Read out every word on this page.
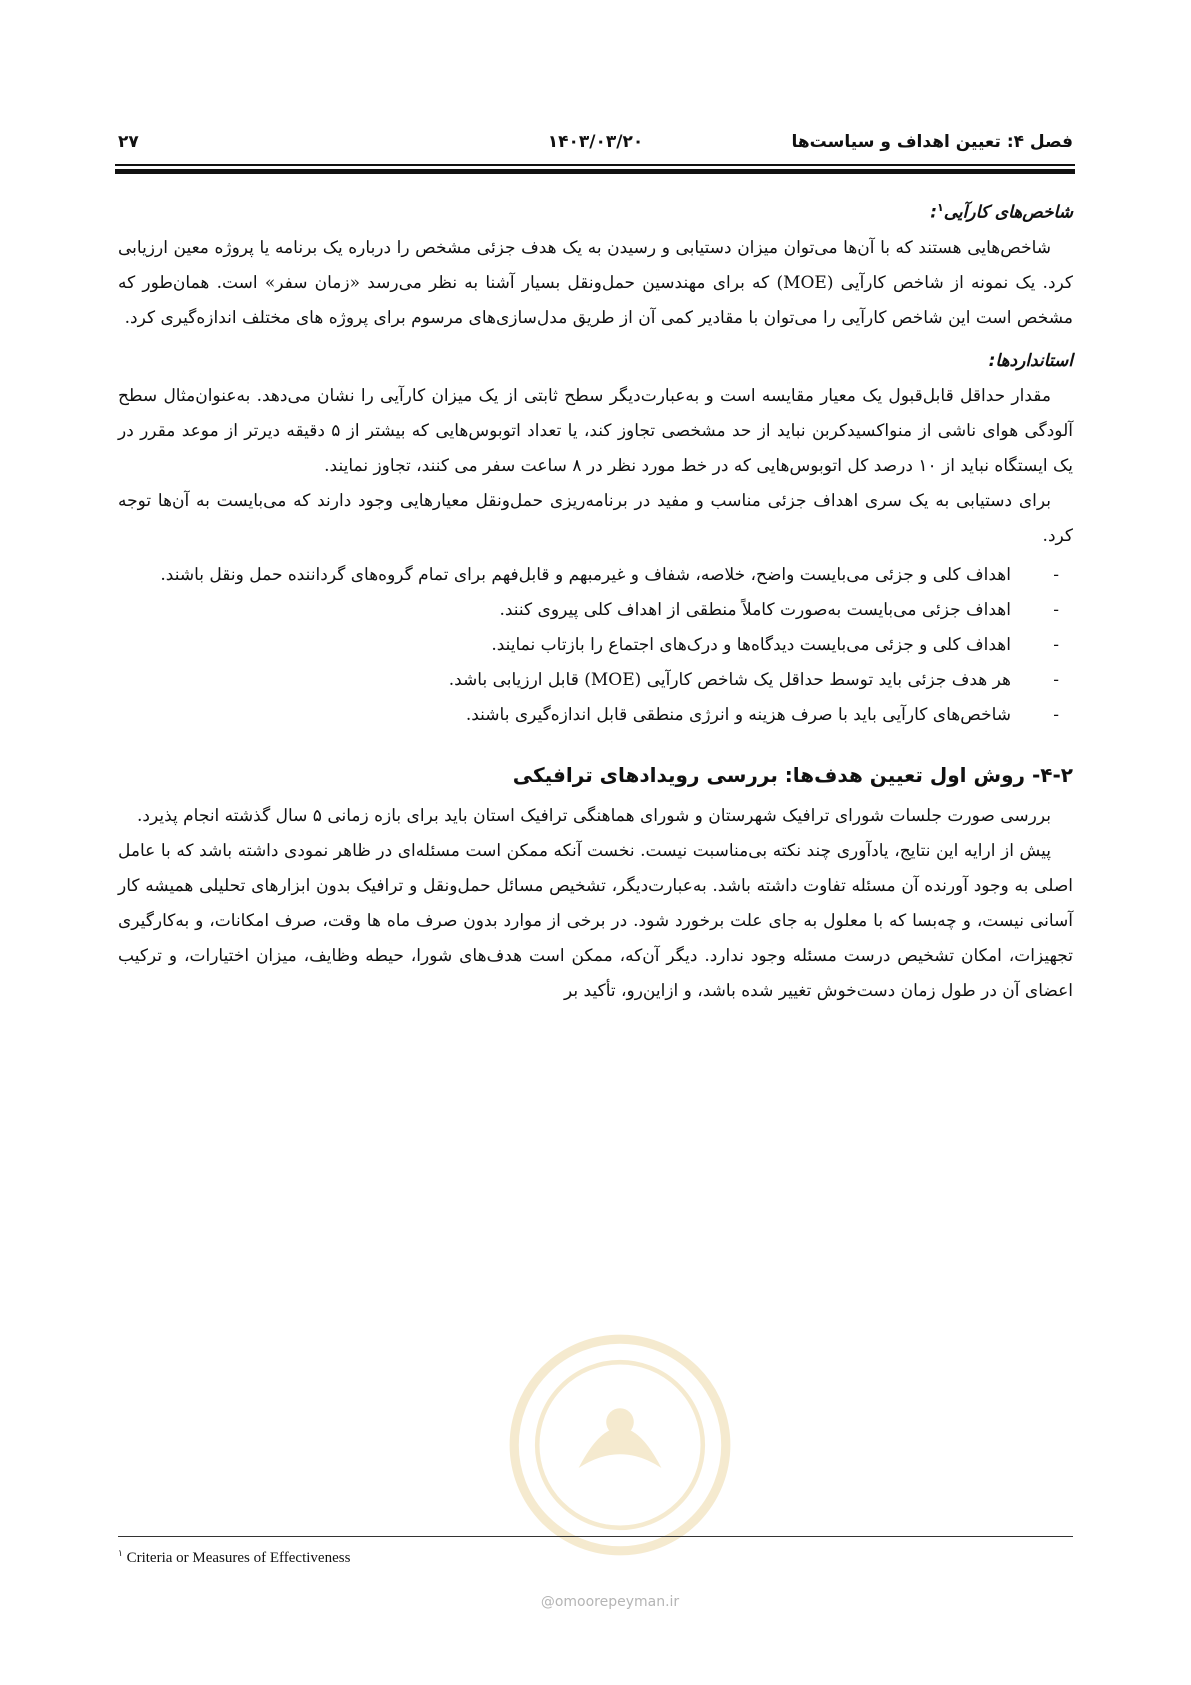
فصل ۴: تعیین اهداف و سیاست‌ها
۱۴۰۳/۰۳/۲۰
۲۷
شاخص‌های کارآیی$^۱$:

شاخص‌هایی هستند که با آن‌ها می‌توان میزان دستیابی و رسیدن به یک هدف جزئی مشخص را درباره یک برنامه یا پروژه معین ارزیابی کرد. یک نمونه از شاخص کارآیی (MOE) که برای مهندسین حمل‌ونقل بسیار آشنا به نظر می‌رسد «زمان سفر» است. همان‌طور که مشخص است این شاخص کارآیی را می‌توان با مقادیر کمی آن از طریق مدل‌سازی‌های مرسوم برای پروژه های مختلف اندازه‌گیری کرد.

استانداردها:

مقدار حداقل قابل‌قبول یک معیار مقایسه است و به‌عبارت‌دیگر سطح ثابتی از یک میزان کارآیی را نشان می‌دهد. به‌عنوان‌مثال سطح آلودگی هوای ناشی از منواکسیدکربن نباید از حد مشخصی تجاوز کند، یا تعداد اتوبوس‌هایی که بیشتر از ۵ دقیقه دیرتر از موعد مقرر در یک ایستگاه نباید از ۱۰ درصد کل اتوبوس‌هایی که در خط مورد نظر در ۸ ساعت سفر می کنند، تجاوز نمایند.

برای دستیابی به یک سری اهداف جزئی مناسب و مفید در برنامه‌ریزی حمل‌ونقل معیارهایی وجود دارند که می‌بایست به آن‌ها توجه کرد.

- اهداف کلی و جزئی می‌بایست واضح، خلاصه، شفاف و غیرمبهم و قابل‌فهم برای تمام گروه‌های گرداننده حمل ونقل باشند.
- اهداف جزئی می‌بایست به‌صورت کاملاً منطقی از اهداف کلی پیروی کنند.
- اهداف کلی و جزئی می‌بایست دیدگاه‌ها و درک‌های اجتماع را بازتاب نمایند.
- هر هدف جزئی باید توسط حداقل یک شاخص کارآیی (MOE) قابل ارزیابی باشد.
- شاخص‌های کارآیی باید با صرف هزینه و انرژی منطقی قابل اندازه‌گیری باشند.
۴-۲- روش اول تعیین هدف‌ها: بررسی رویدادهای ترافیکی

بررسی صورت جلسات شورای ترافیک شهرستان و شورای هماهنگی ترافیک استان باید برای بازه زمانی ۵ سال گذشته انجام پذیرد.

پیش از ارایه این نتایج، یادآوری چند نکته بی‌مناسبت نیست. نخست آنکه ممکن است مسئله‌ای در ظاهر نمودی داشته باشد که با عامل اصلی به وجود آورنده آن مسئله تفاوت داشته باشد. به‌عبارت‌دیگر، تشخیص مسائل حمل‌ونقل و ترافیک بدون ابزارهای تحلیلی همیشه کار آسانی نیست، و چه‌بسا که با معلول به جای علت برخورد شود. در برخی از موارد بدون صرف ماه ها وقت، صرف امکانات، و به‌کارگیری تجهیزات، امکان تشخیص درست مسئله وجود ندارد. دیگر آن‌که، ممکن است هدف‌های شورا، حیطه وظایف، میزان اختیارات، و ترکیب اعضای آن در طول زمان دست‌خوش تغییر شده باشد، و ازاین‌رو، تأکید بر

$^۱$ Criteria or Measures of Effectiveness
@omoorepeyman.ir
